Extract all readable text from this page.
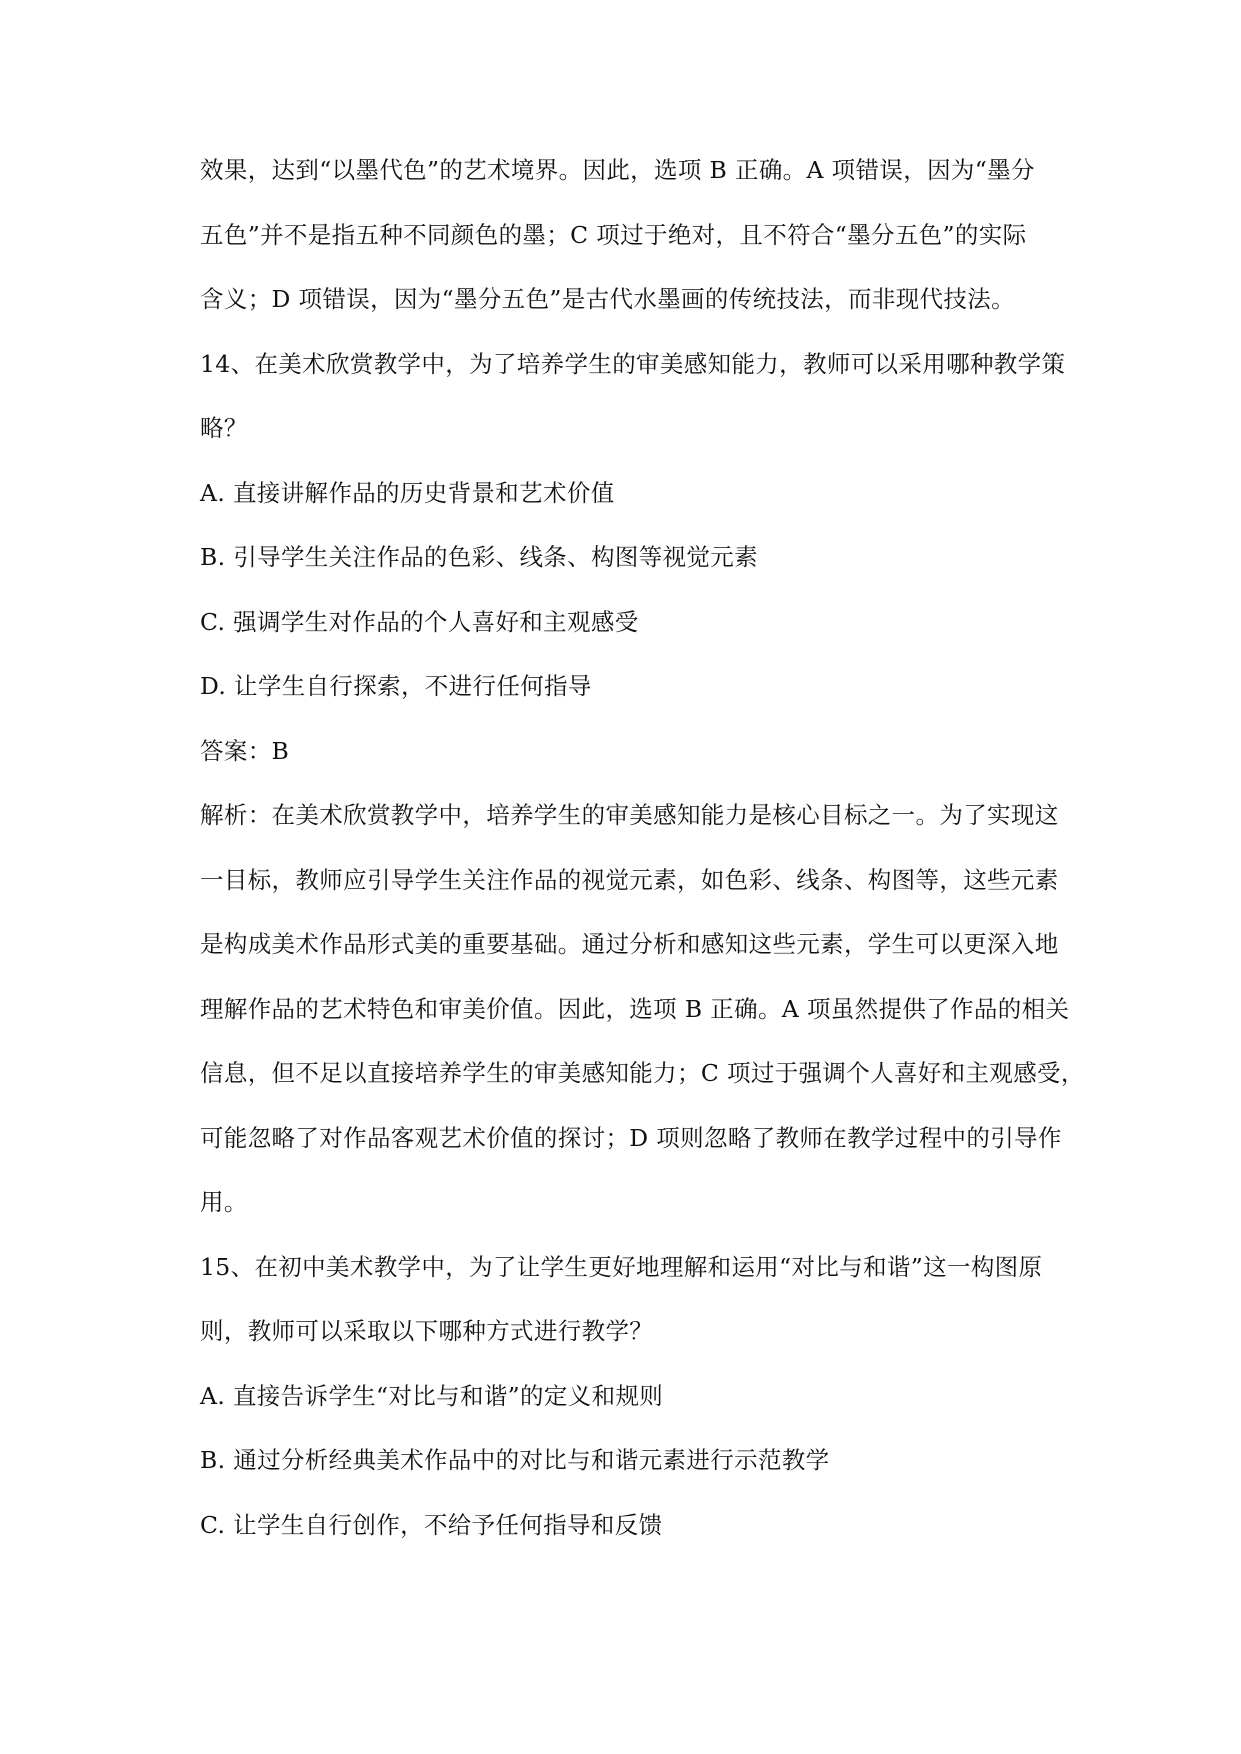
效果，达到“以墨代色”的艺术境界。因此，选项 B 正确。A 项错误，因为“墨分
五色”并不是指五种不同颜色的墨；C 项过于绝对，且不符合“墨分五色”的实际
含义；D 项错误，因为“墨分五色”是古代水墨画的传统技法，而非现代技法。
14、在美术欣赏教学中，为了培养学生的审美感知能力，教师可以采用哪种教学策
略？
A. 直接讲解作品的历史背景和艺术价值
B. 引导学生关注作品的色彩、线条、构图等视觉元素
C. 强调学生对作品的个人喜好和主观感受
D. 让学生自行探索，不进行任何指导
答案：B
解析：在美术欣赏教学中，培养学生的审美感知能力是核心目标之一。为了实现这
一目标，教师应引导学生关注作品的视觉元素，如色彩、线条、构图等，这些元素
是构成美术作品形式美的重要基础。通过分析和感知这些元素，学生可以更深入地
理解作品的艺术特色和审美价值。因此，选项 B 正确。A 项虽然提供了作品的相关
信息，但不足以直接培养学生的审美感知能力；C 项过于强调个人喜好和主观感受，
可能忽略了对作品客观艺术价值的探讨；D 项则忽略了教师在教学过程中的引导作
用。
15、在初中美术教学中，为了让学生更好地理解和运用“对比与和谐”这一构图原
则，教师可以采取以下哪种方式进行教学？
A. 直接告诉学生“对比与和谐”的定义和规则
B. 通过分析经典美术作品中的对比与和谐元素进行示范教学
C. 让学生自行创作，不给予任何指导和反馈
